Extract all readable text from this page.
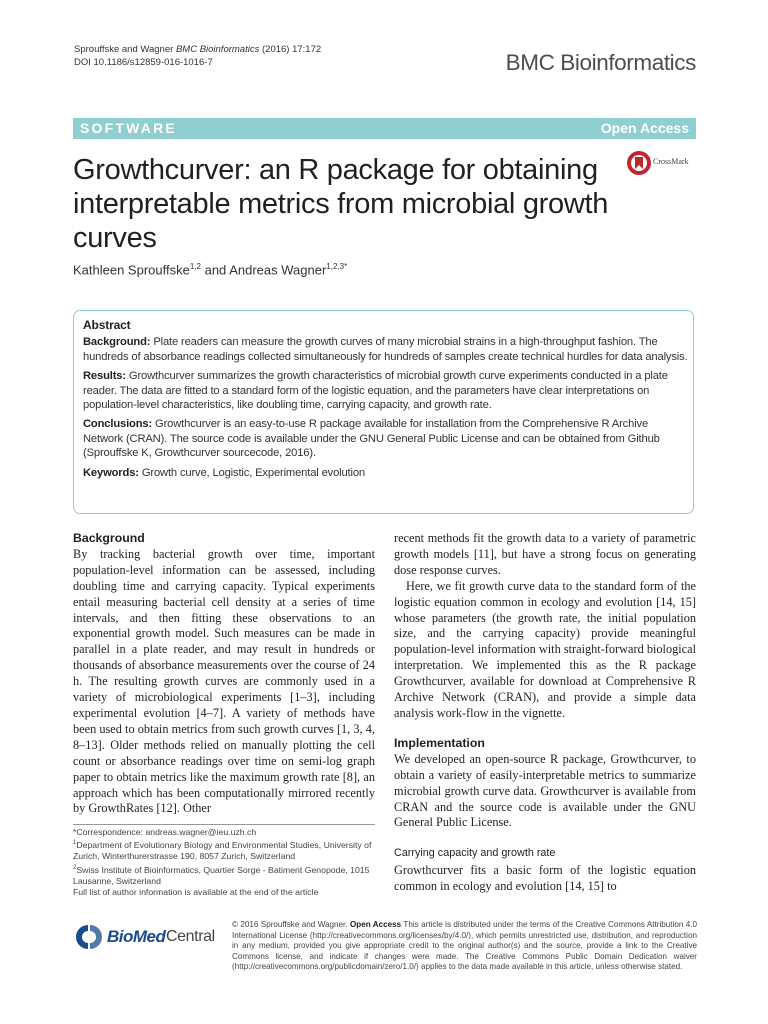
Sprouffske and Wagner BMC Bioinformatics (2016) 17:172
DOI 10.1186/s12859-016-1016-7	BMC Bioinformatics
SOFTWARE	Open Access
Growthcurver: an R package for obtaining interpretable metrics from microbial growth curves
CrossMark
Kathleen Sprouffske$^{1,2}$ and Andreas Wagner$^{1,2,3*}$
Abstract

Background: Plate readers can measure the growth curves of many microbial strains in a high-throughput fashion. The hundreds of absorbance readings collected simultaneously for hundreds of samples create technical hurdles for data analysis.

Results: Growthcurver summarizes the growth characteristics of microbial growth curve experiments conducted in a plate reader. The data are fitted to a standard form of the logistic equation, and the parameters have clear interpretations on population-level characteristics, like doubling time, carrying capacity, and growth rate.

Conclusions: Growthcurver is an easy-to-use R package available for installation from the Comprehensive R Archive Network (CRAN). The source code is available under the GNU General Public License and can be obtained from Github (Sprouffske K, Growthcurver sourcecode, 2016).

Keywords: Growth curve, Logistic, Experimental evolution

Background

By tracking bacterial growth over time, important population-level information can be assessed, including doubling time and carrying capacity. Typical experiments entail measuring bacterial cell density at a series of time intervals, and then fitting these observations to an exponential growth model. Such measures can be made in parallel in a plate reader, and may result in hundreds or thousands of absorbance measurements over the course of 24 h. The resulting growth curves are commonly used in a variety of microbiological experiments [1–3], including experimental evolution [4–7]. A variety of methods have been used to obtain metrics from such growth curves [1, 3, 4, 8–13]. Older methods relied on manually plotting the cell count or absorbance readings over time on semi-log graph paper to obtain metrics like the maximum growth rate [8], an approach which has been computationally mirrored recently by GrowthRates [12]. Other

recent methods fit the growth data to a variety of parametric growth models [11], but have a strong focus on generating dose response curves.

Here, we fit growth curve data to the standard form of the logistic equation common in ecology and evolution [14, 15] whose parameters (the growth rate, the initial population size, and the carrying capacity) provide meaningful population-level information with straight-forward biological interpretation. We implemented this as the R package Growthcurver, available for download at Comprehensive R Archive Network (CRAN), and provide a simple data analysis work-flow in the vignette.

Implementation

We developed an open-source R package, Growthcurver, to obtain a variety of easily-interpretable metrics to summarize microbial growth curve data. Growthcurver is available from CRAN and the source code is available under the GNU General Public License.

Carrying capacity and growth rate

Growthcurver fits a basic form of the logistic equation common in ecology and evolution [14, 15] to

*Correspondence: andreas.wagner@ieu.uzh.ch
$^1$Department of Evolutionary Biology and Environmental Studies, University of Zurich, Winterthurerstrasse 190, 8057 Zurich, Switzerland
$^2$Swiss Institute of Bioinformatics, Quartier Sorge - Batiment Genopode, 1015 Lausanne, Switzerland
Full list of author information is available at the end of the article
BioMed Central
© 2016 Sprouffske and Wagner. Open Access This article is distributed under the terms of the Creative Commons Attribution 4.0 International License (http://creativecommons.org/licenses/by/4.0/), which permits unrestricted use, distribution, and reproduction in any medium, provided you give appropriate credit to the original author(s) and the source, provide a link to the Creative Commons license, and indicate if changes were made. The Creative Commons Public Domain Dedication waiver (http://creativecommons.org/publicdomain/zero/1.0/) applies to the data made available in this article, unless otherwise stated.
